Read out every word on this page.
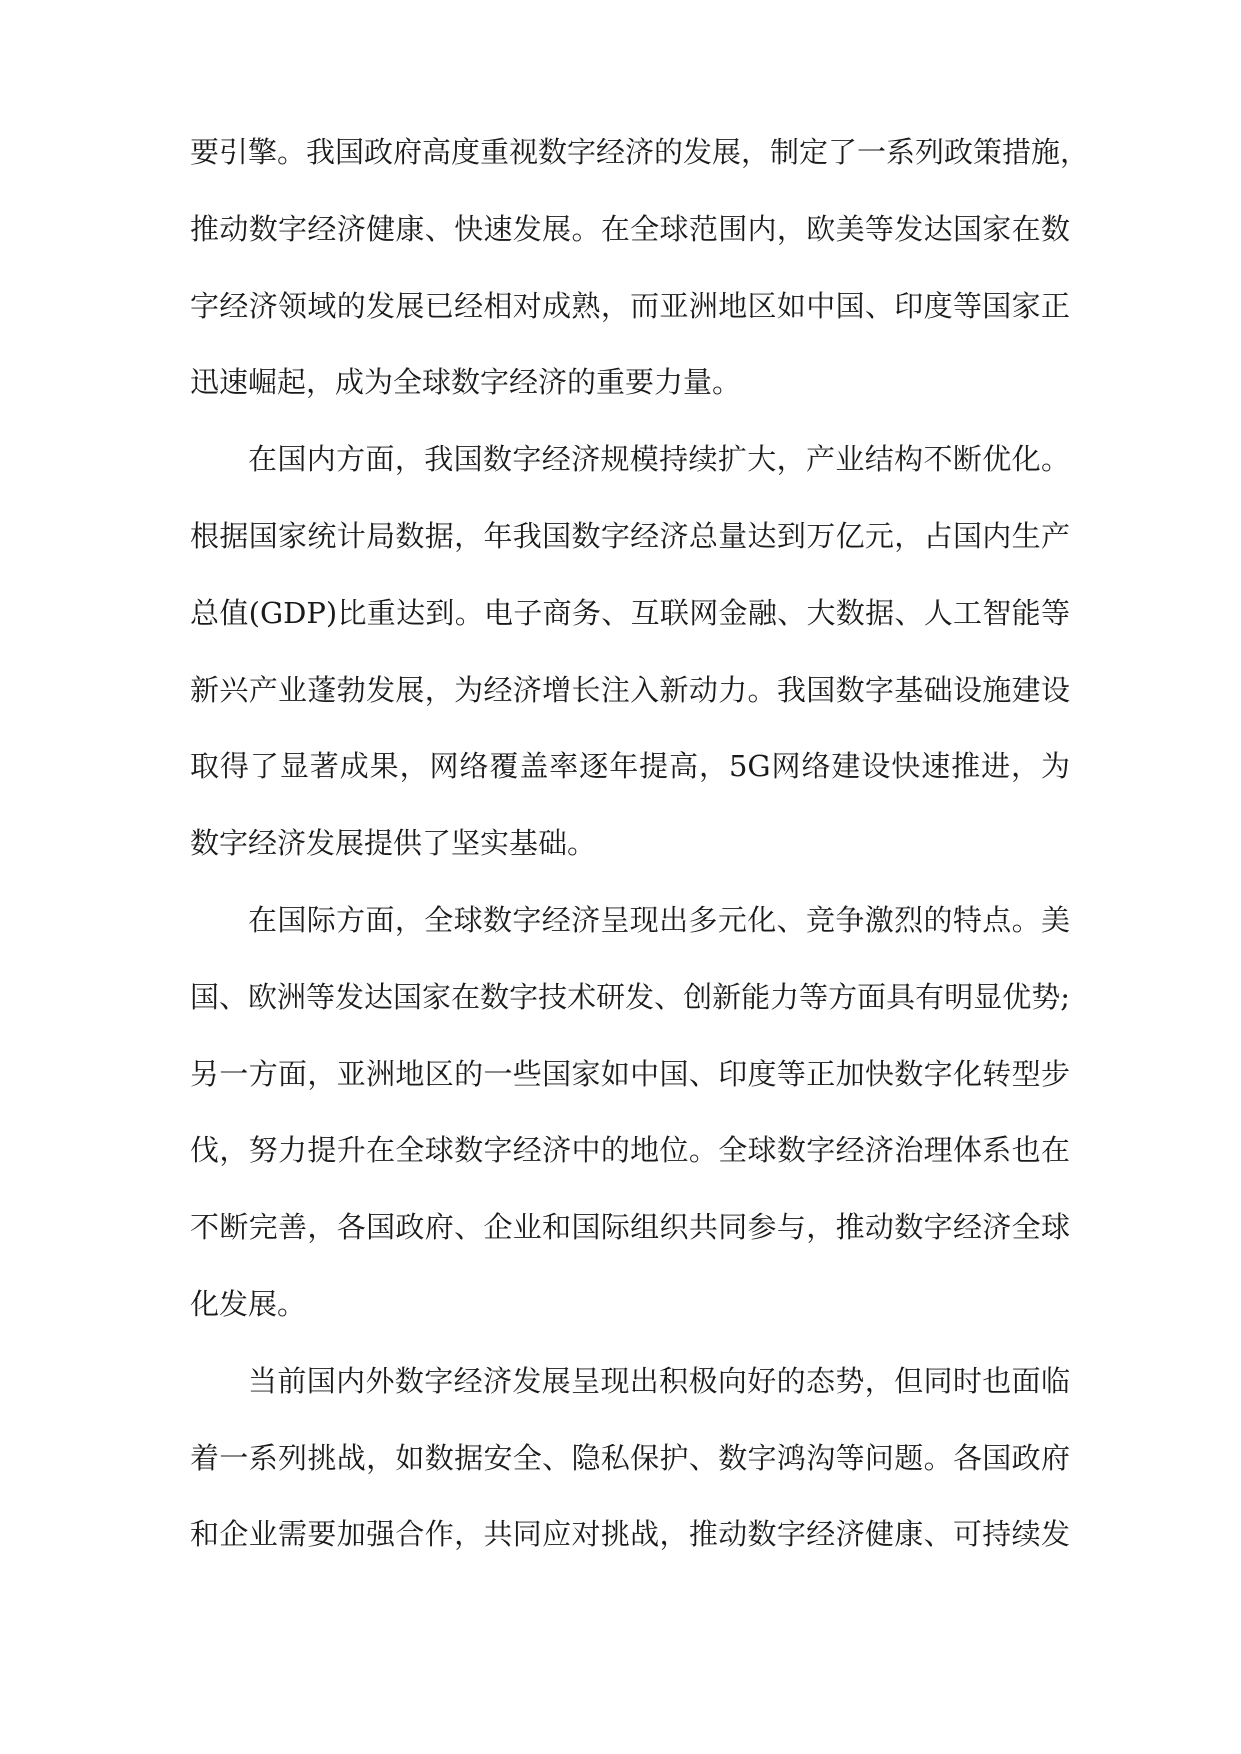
要引擎。我国政府高度重视数字经济的发展，制定了一系列政策措施，
推动数字经济健康、快速发展。在全球范围内，欧美等发达国家在数
字经济领域的发展已经相对成熟，而亚洲地区如中国、印度等国家正
迅速崛起，成为全球数字经济的重要力量。
在国内方面，我国数字经济规模持续扩大，产业结构不断优化。
根据国家统计局数据，年我国数字经济总量达到万亿元，占国内生产
总值(GDP)比重达到。电子商务、互联网金融、大数据、人工智能等
新兴产业蓬勃发展，为经济增长注入新动力。我国数字基础设施建设
取得了显著成果，网络覆盖率逐年提高，5G网络建设快速推进，为
数字经济发展提供了坚实基础。
在国际方面，全球数字经济呈现出多元化、竞争激烈的特点。美
国、欧洲等发达国家在数字技术研发、创新能力等方面具有明显优势;
另一方面，亚洲地区的一些国家如中国、印度等正加快数字化转型步
伐，努力提升在全球数字经济中的地位。全球数字经济治理体系也在
不断完善，各国政府、企业和国际组织共同参与，推动数字经济全球
化发展。
当前国内外数字经济发展呈现出积极向好的态势，但同时也面临
着一系列挑战，如数据安全、隐私保护、数字鸿沟等问题。各国政府
和企业需要加强合作，共同应对挑战，推动数字经济健康、可持续发
